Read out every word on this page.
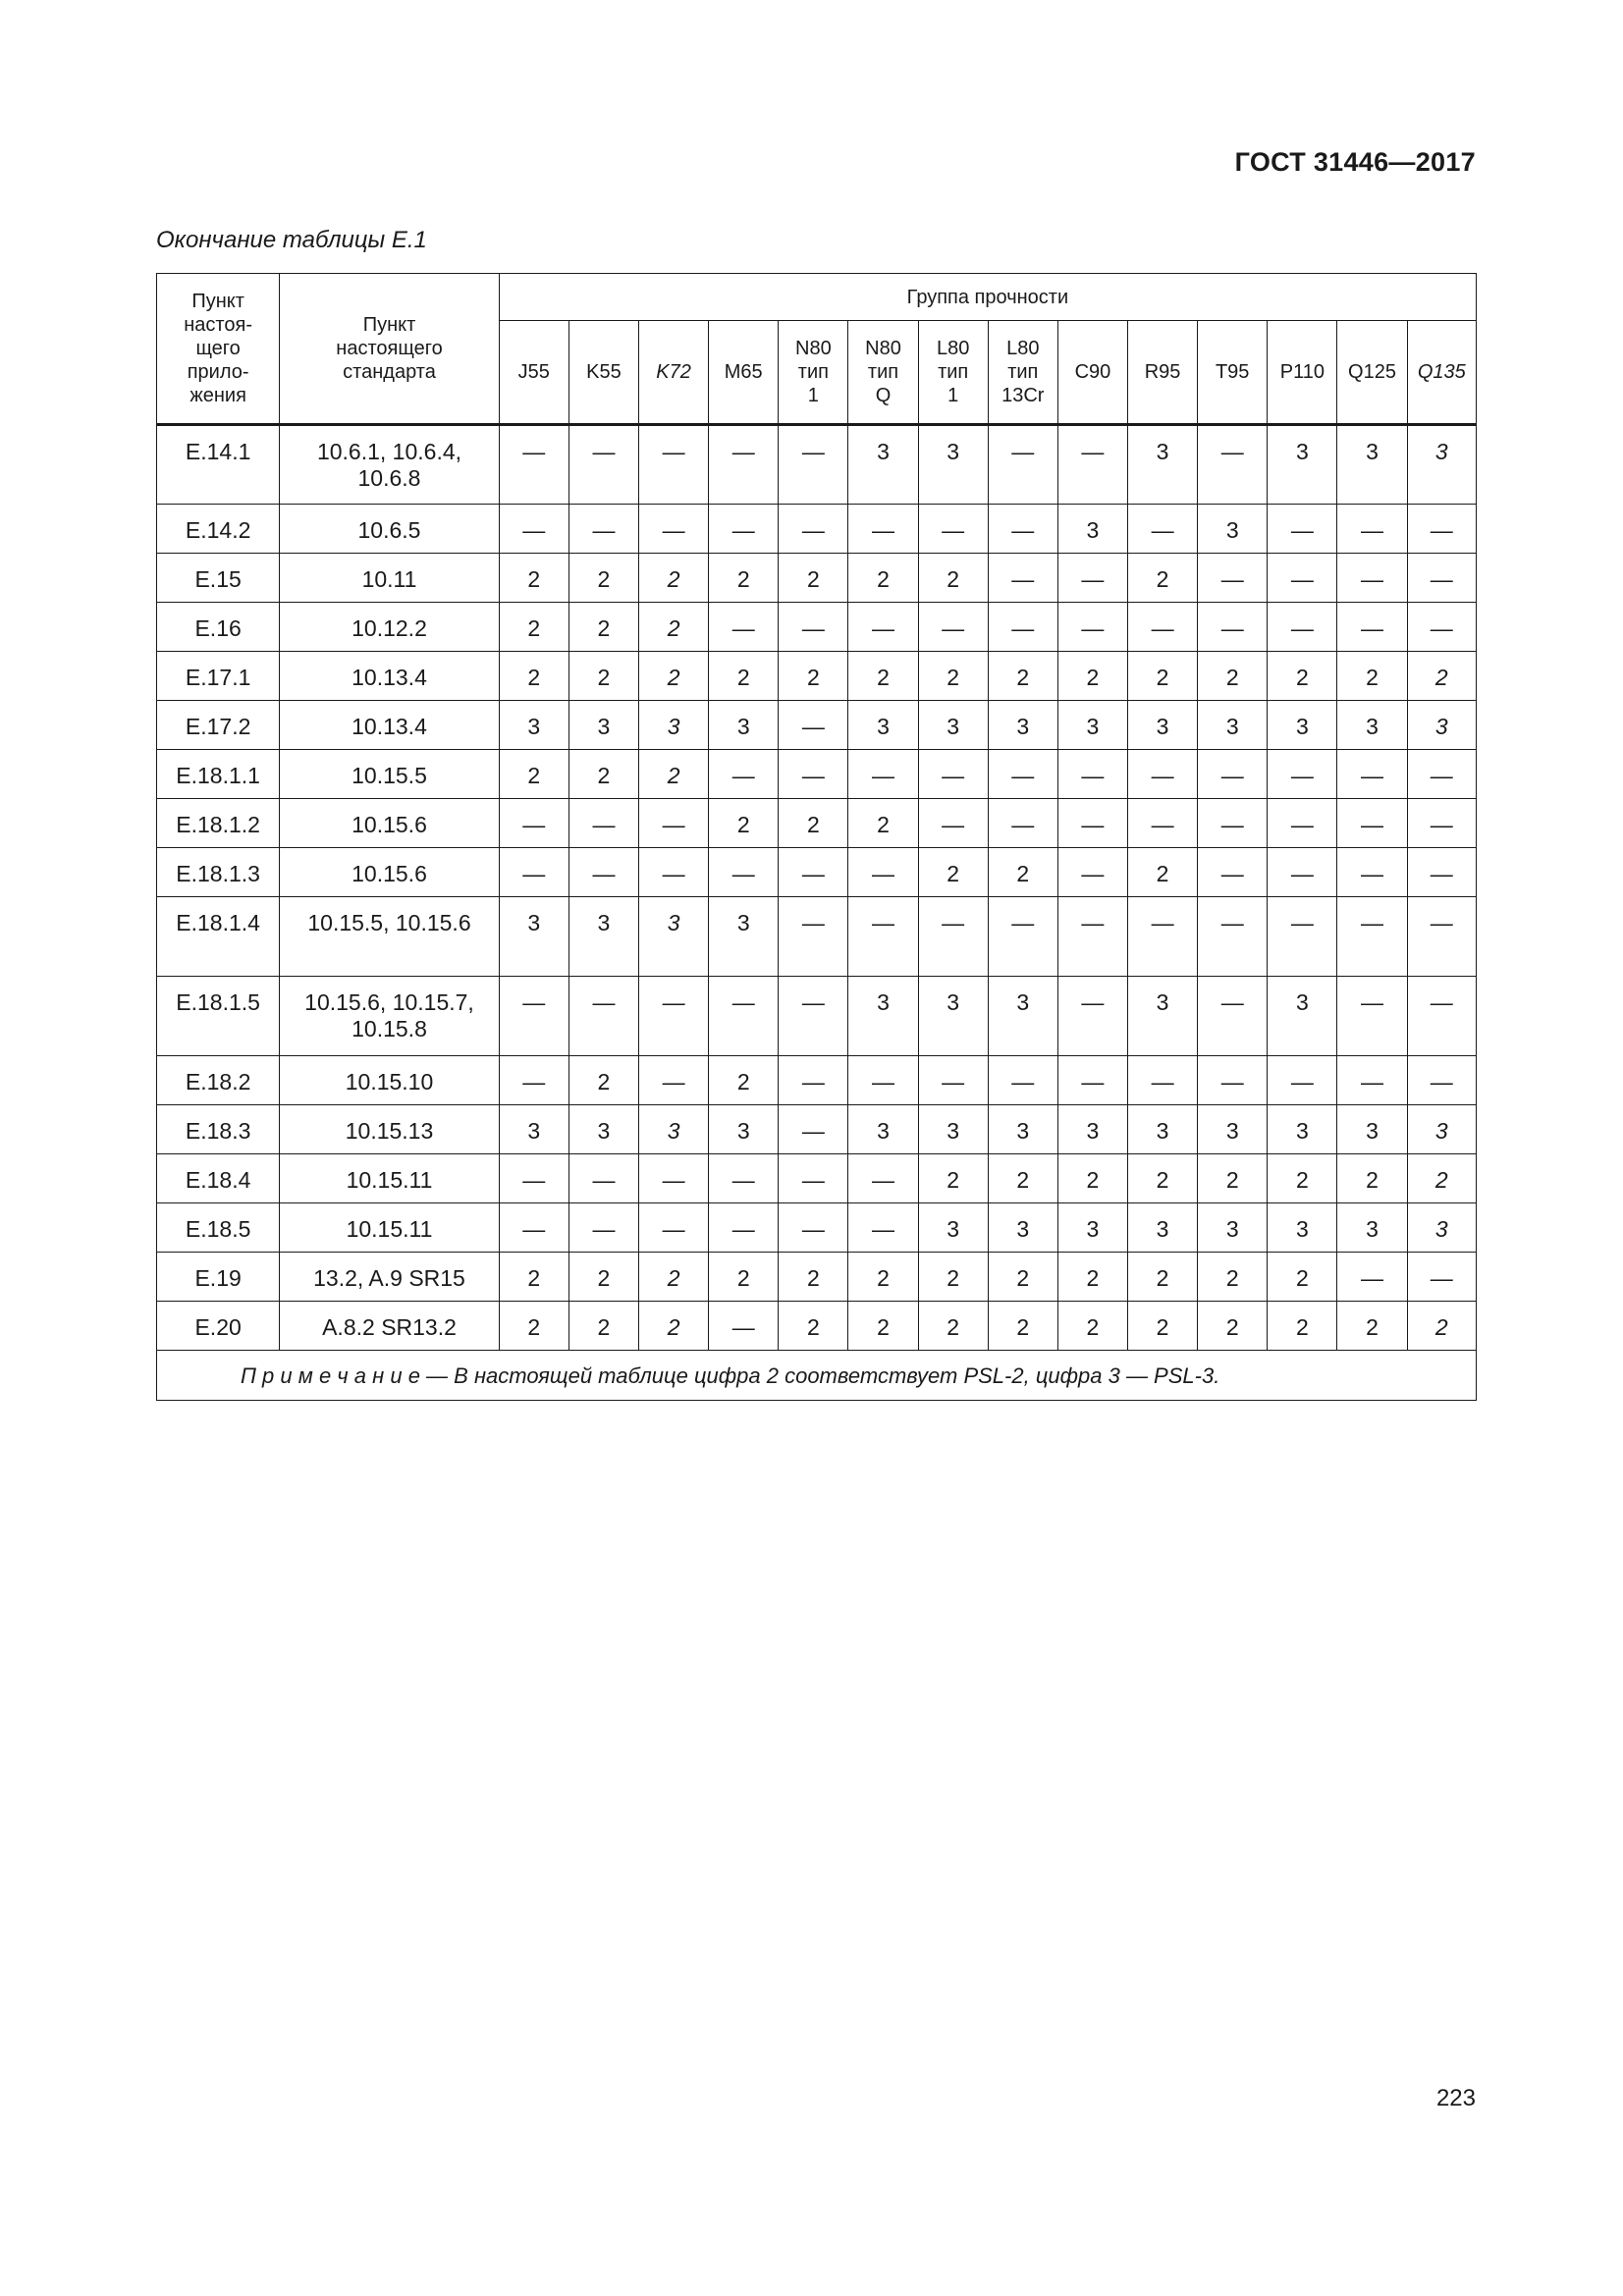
ГОСТ 31446—2017
Окончание таблицы Е.1
Пункт настоя-щего прило-жения	Пункт настоящего стандарта	Группа прочности													
		J55	K55	K72	M65	N80 тип 1	N80 тип Q	L80 тип 1	L80 тип 13Cr	C90	R95	T95	P110	Q125	Q135
Е.14.1	10.6.1, 10.6.4, 10.6.8	—	—	—	—	—	3	3	—	—	3	—	3	3	3
Е.14.2	10.6.5	—	—	—	—	—	—	—	—	3	—	3	—	—	—
Е.15	10.11	2	2	2	2	2	2	2	—	—	2	—	—	—	—
Е.16	10.12.2	2	2	2	—	—	—	—	—	—	—	—	—	—	—
Е.17.1	10.13.4	2	2	2	2	2	2	2	2	2	2	2	2	2	2
Е.17.2	10.13.4	3	3	3	3	—	3	3	3	3	3	3	3	3	3
Е.18.1.1	10.15.5	2	2	2	—	—	—	—	—	—	—	—	—	—	—
Е.18.1.2	10.15.6	—	—	—	2	2	2	—	—	—	—	—	—	—	—
Е.18.1.3	10.15.6	—	—	—	—	—	—	2	2	—	2	—	—	—	—
Е.18.1.4	10.15.5, 10.15.6	3	3	3	3	—	—	—	—	—	—	—	—	—	—
Е.18.1.5	10.15.6, 10.15.7, 10.15.8	—	—	—	—	—	3	3	3	—	3	—	3	—	—
Е.18.2	10.15.10	—	2	—	2	—	—	—	—	—	—	—	—	—	—
Е.18.3	10.15.13	3	3	3	3	—	3	3	3	3	3	3	3	3	3
Е.18.4	10.15.11	—	—	—	—	—	—	2	2	2	2	2	2	2	2
Е.18.5	10.15.11	—	—	—	—	—	—	3	3	3	3	3	3	3	3
Е.19	13.2, A.9 SR15	2	2	2	2	2	2	2	2	2	2	2	2	—	—
Е.20	А.8.2 SR13.2	2	2	2	—	2	2	2	2	2	2	2	2	2	2
П р и м е ч а н и е — В настоящей таблице цифра 2 соответствует PSL-2, цифра 3 — PSL-3.															
223
